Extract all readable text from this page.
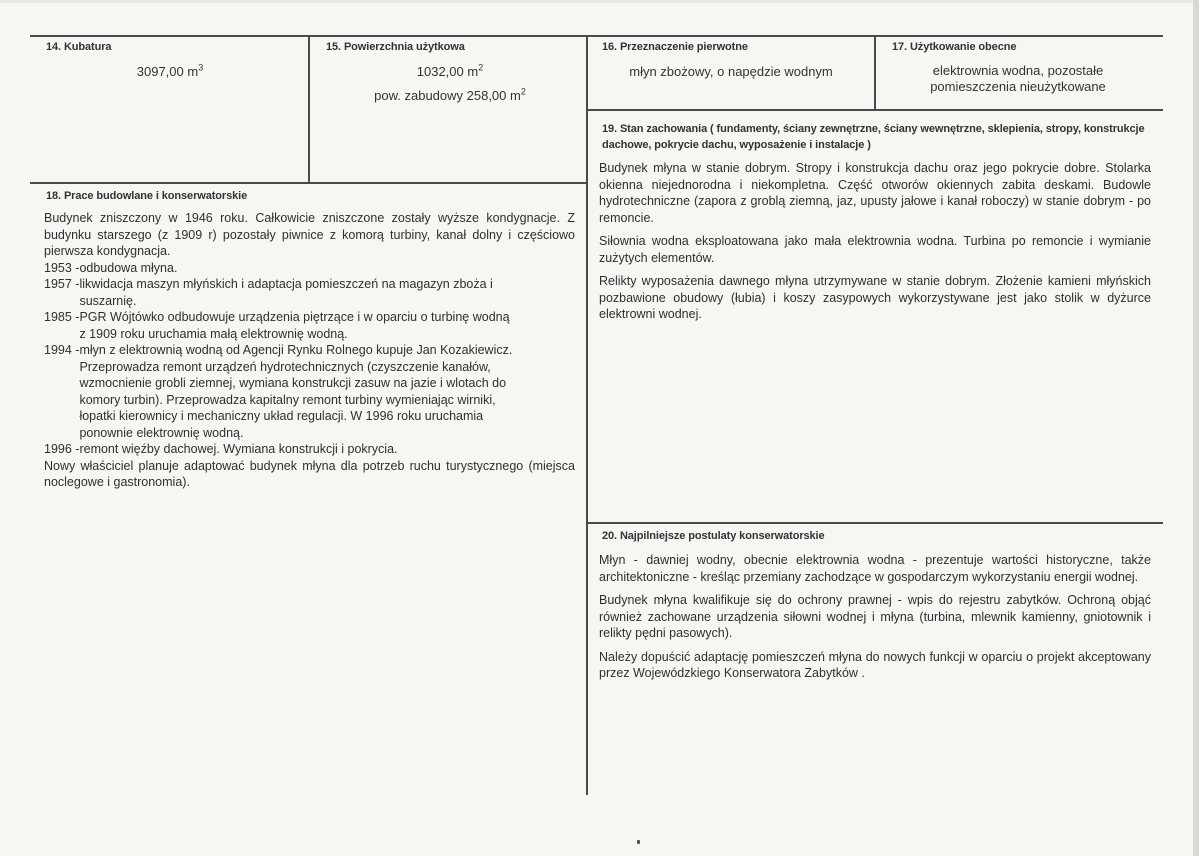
14. Kubatura
3097,00 $m^3$
15. Powierzchnia użytkowa
1032,00 $m^2$
pow. zabudowy 258,00 $m^2$
16. Przeznaczenie pierwotne
młyn zbożowy, o napędzie wodnym
17. Użytkowanie obecne
elektrownia wodna, pozostałe
pomieszczenia nieużytkowane
18. Prace budowlane i konserwatorskie

Budynek zniszczony w 1946 roku. Całkowicie zniszczone zostały wyższe kondygnacje. Z budynku starszego (z 1909 r) pozostały piwnice z komorą turbiny, kanał dolny i częściowo pierwsza kondygnacja.

1953 - odbudowa młyna.
1957 - likwidacja maszyn młyńskich i adaptacja pomieszczeń na magazyn zboża i
suszarnię.
1985 - PGR Wójtówko odbudowuje urządzenia piętrzące i w oparciu o turbinę wodną
z 1909 roku uruchamia małą elektrownię wodną.
1994 - młyn z elektrownią wodną od Agencji Rynku Rolnego kupuje Jan Kozakiewicz.
Przeprowadza remont urządzeń hydrotechnicznych (czyszczenie kanałów,
wzmocnienie grobli ziemnej, wymiana konstrukcji zasuw na jazie i wlotach do
komory turbin). Przeprowadza kapitalny remont turbiny wymieniając wirniki,
łopatki kierownicy i mechaniczny układ regulacji. W 1996 roku uruchamia
ponownie elektrownię wodną.
1996 - remont więźby dachowej. Wymiana konstrukcji i pokrycia.

Nowy właściciel planuje adaptować budynek młyna dla potrzeb ruchu turystycznego (miejsca noclegowe i gastronomia).

19. Stan zachowania ( fundamenty, ściany zewnętrzne, ściany wewnętrzne, sklepienia, stropy, konstrukcje dachowe, pokrycie dachu, wyposażenie i instalacje )

Budynek młyna w stanie dobrym. Stropy i konstrukcja dachu oraz jego pokrycie dobre. Stolarka okienna niejednorodna i niekompletna. Część otworów okiennych zabita deskami. Budowle hydrotechniczne (zapora z groblą ziemną, jaz, upusty jałowe i kanał roboczy) w stanie dobrym - po remoncie.

Siłownia wodna eksploatowana jako mała elektrownia wodna. Turbina po remoncie i wymianie zużytych elementów.

Relikty wyposażenia dawnego młyna utrzymywane w stanie dobrym. Złożenie kamieni młyńskich pozbawione obudowy (łubia) i koszy zasypowych wykorzystywane jest jako stolik w dyżurce elektrowni wodnej.

20. Najpilniejsze postulaty konserwatorskie

Młyn - dawniej wodny, obecnie elektrownia wodna - prezentuje wartości historyczne, także architektoniczne - kreśląc przemiany zachodzące w gospodarczym wykorzystaniu energii wodnej.

Budynek młyna kwalifikuje się do ochrony prawnej - wpis do rejestru zabytków. Ochroną objąć również zachowane urządzenia siłowni wodnej i młyna (turbina, mlewnik kamienny, gniotownik i relikty pędni pasowych).

Należy dopuścić adaptację pomieszczeń młyna do nowych funkcji w oparciu o projekt akceptowany przez Wojewódzkiego Konserwatora Zabytków .
